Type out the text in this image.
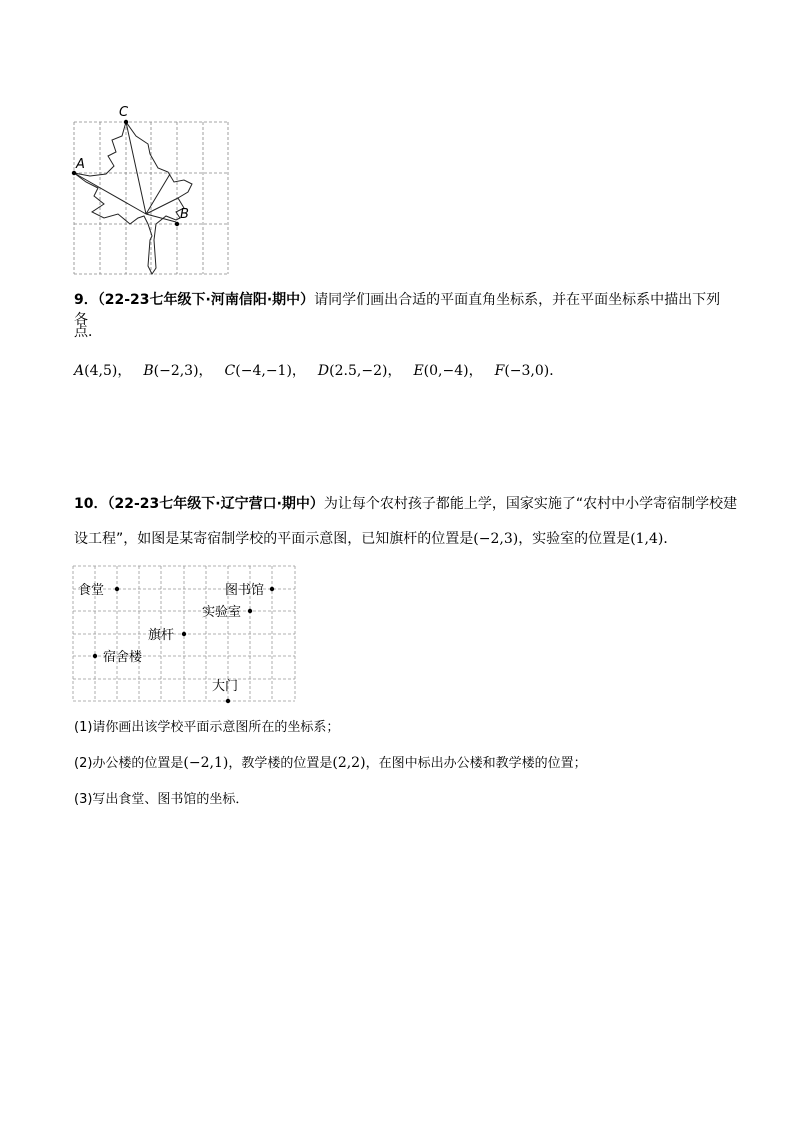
C
A
B
9．（22-23七年级下·河南信阳·期中）请同学们画出合适的平面直角坐标系，并在平面坐标系中描出下列各
点．
A(4,5)， B(−2,3)， C(−4,−1)， D(2.5,−2)， E(0,−4)， F(−3,0)．
10．（22-23七年级下·辽宁营口·期中）为让每个农村孩子都能上学，国家实施了“农村中小学寄宿制学校建
设工程”，如图是某寄宿制学校的平面示意图，已知旗杆的位置是(−2,3)，实验室的位置是(1,4)．
食堂	图书馆
实验室
旗杆
宿舍楼
大门
(1)请你画出该学校平面示意图所在的坐标系；
(2)办公楼的位置是(−2,1)，教学楼的位置是(2,2)，在图中标出办公楼和教学楼的位置；
(3)写出食堂、图书馆的坐标．
